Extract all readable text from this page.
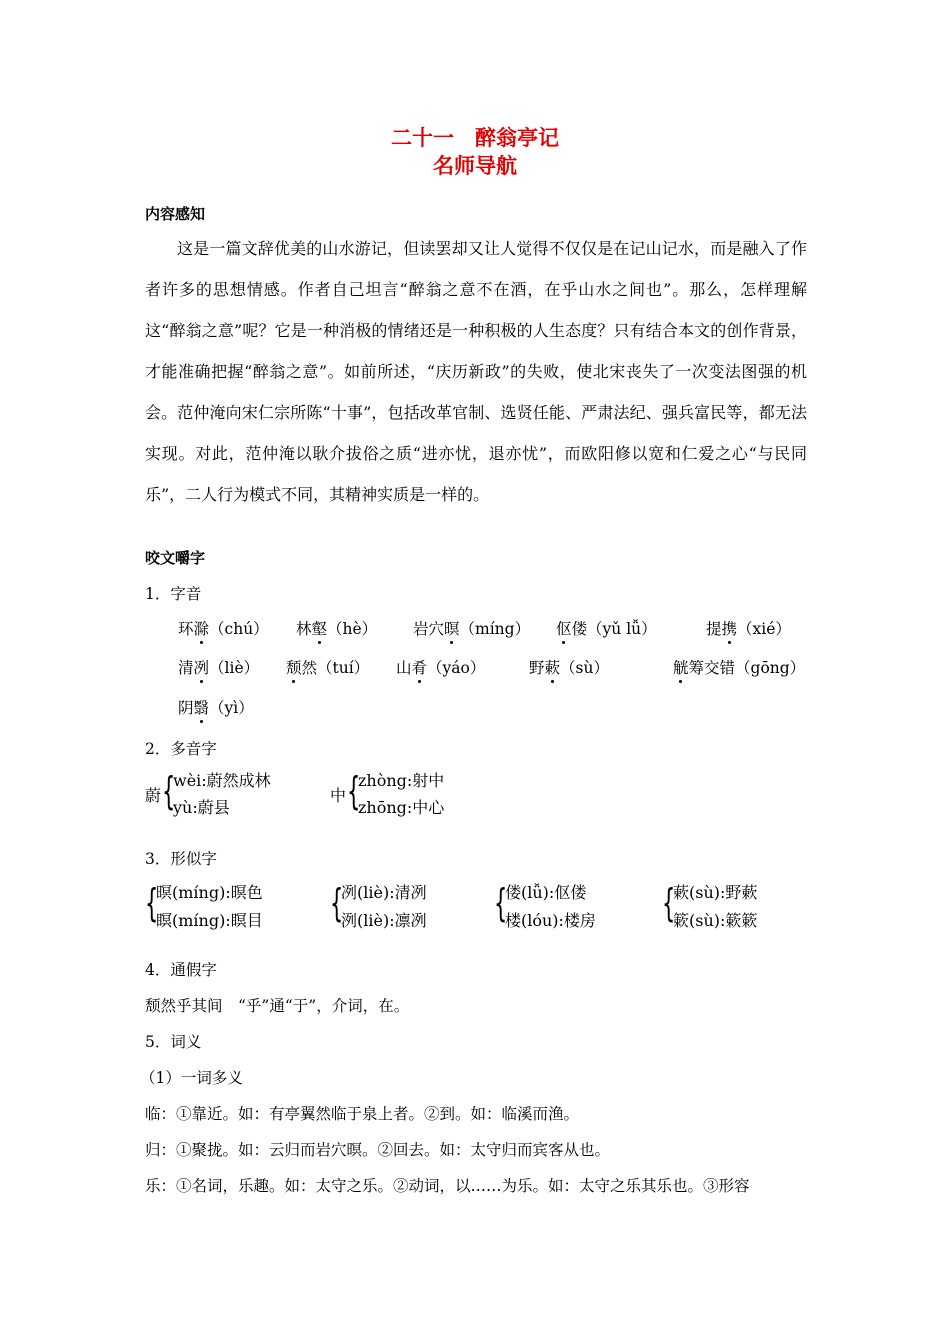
二十一　醉翁亭记
名师导航
内容感知
这是一篇文辞优美的山水游记，但读罢却又让人觉得不仅仅是在记山记水，而是融入了作者许多的思想情感。作者自己坦言“醉翁之意不在酒，在乎山水之间也”。那么，怎样理解这“醉翁之意”呢？它是一种消极的情绪还是一种积极的人生态度？只有结合本文的创作背景，才能准确把握“醉翁之意”。如前所述，“庆历新政”的失败，使北宋丧失了一次变法图强的机会。范仲淹向宋仁宗所陈“十事”，包括改革官制、选贤任能、严肃法纪、强兵富民等，都无法实现。对此，范仲淹以耿介拔俗之质“进亦忧，退亦忧”，而欧阳修以宽和仁爱之心“与民同乐”，二人行为模式不同，其精神实质是一样的。
咬文嚼字
1．字音
环滁（chú） 林壑（hè） 岩穴暝（míng） 伛偻（yǔ lǚ）	提携（xié）
清冽（liè） 颓然（tuí） 山肴（yáo）	野蔌（sù）	觥筹交错（gōng）
阴翳（yì）
2．多音字
蔚 {
wèi:蔚然成林
yù:蔚县
中 {
zhòng:射中
zhōng:中心
3．形似字
{
暝(míng):暝色
瞑(míng):瞑目 {
冽(liè):清冽
洌(liè):凛冽 {
偻(lǚ):伛偻
楼(lóu):楼房 {
蔌(sù):野蔌
簌(sù):簌簌
4．通假字
颓然乎其间　“乎”通“于”，介词，在。
5．词义
（1）一词多义
临：①靠近。如：有亭翼然临于泉上者。②到。如：临溪而渔。
归：①聚拢。如：云归而岩穴暝。②回去。如：太守归而宾客从也。
乐：①名词，乐趣。如：太守之乐。②动词，以……为乐。如：太守之乐其乐也。③形容
